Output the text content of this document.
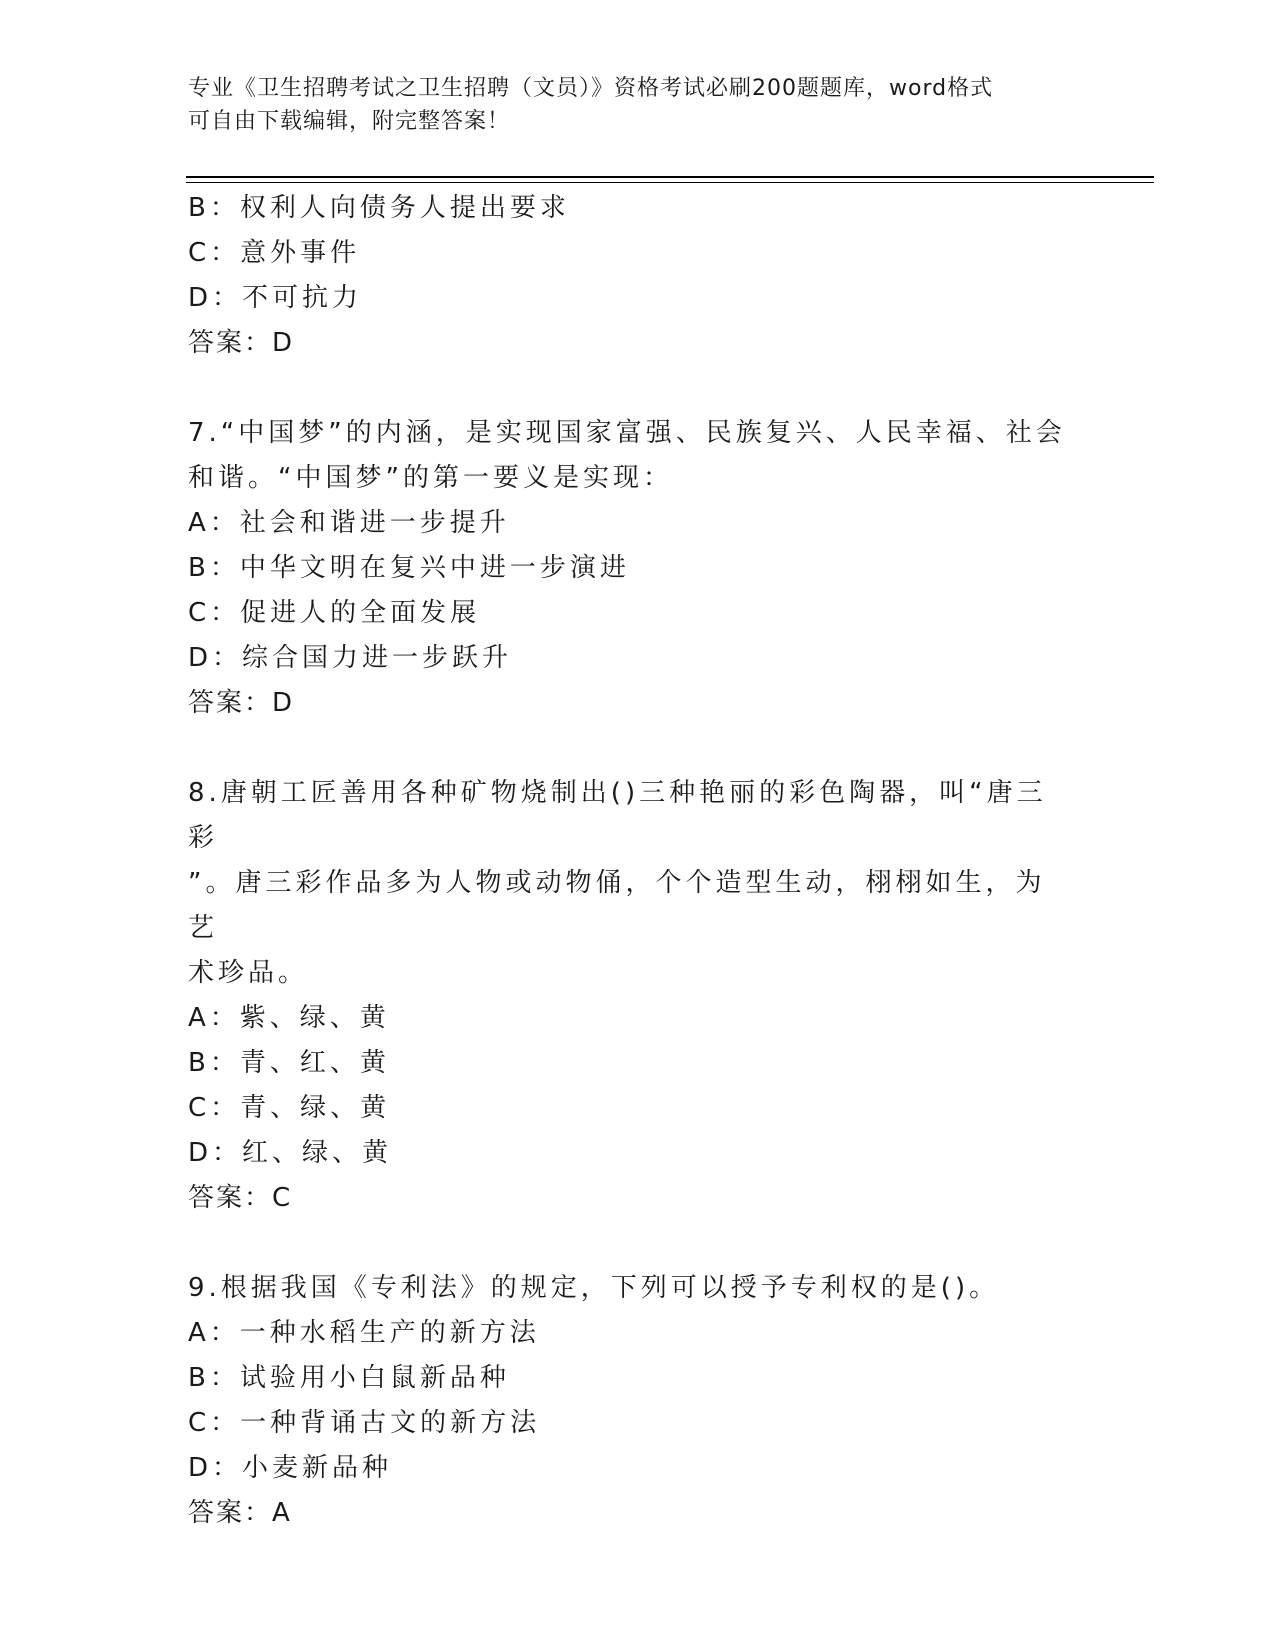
专业《卫生招聘考试之卫生招聘（文员）》资格考试必刷200题题库，word格式
可自由下载编辑，附完整答案！
B：权利人向债务人提出要求
C：意外事件
D：不可抗力
答案：D
7.“中国梦”的内涵，是实现国家富强、民族复兴、人民幸福、社会
和谐。“中国梦”的第一要义是实现：
A：社会和谐进一步提升
B：中华文明在复兴中进一步演进
C：促进人的全面发展
D：综合国力进一步跃升
答案：D
8.唐朝工匠善用各种矿物烧制出()三种艳丽的彩色陶器，叫“唐三彩
”。唐三彩作品多为人物或动物俑，个个造型生动，栩栩如生，为艺
术珍品。
A：紫、绿、黄
B：青、红、黄
C：青、绿、黄
D：红、绿、黄
答案：C
9.根据我国《专利法》的规定，下列可以授予专利权的是()。
A：一种水稻生产的新方法
B：试验用小白鼠新品种
C：一种背诵古文的新方法
D：小麦新品种
答案：A
